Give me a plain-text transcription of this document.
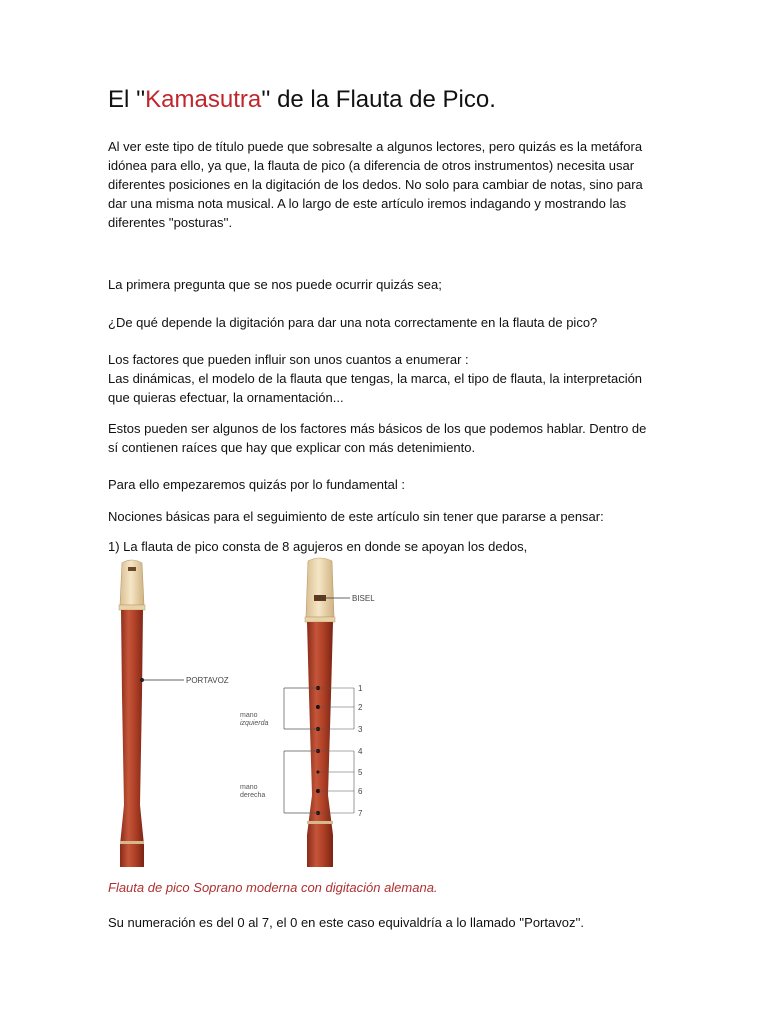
El ''Kamasutra'' de la Flauta de Pico.

Al ver este tipo de título puede que sobresalte a algunos lectores, pero quizás es la metáfora idónea para ello, ya que, la flauta de pico (a diferencia de otros instrumentos) necesita usar diferentes posiciones en la digitación de los dedos. No solo para cambiar de notas, sino para dar una misma nota musical. A lo largo de este artículo iremos indagando y mostrando las diferentes ''posturas''.

La primera pregunta que se nos puede ocurrir quizás sea;

¿De qué depende la digitación para dar una nota correctamente en la flauta de pico?

Los factores que pueden influir son unos cuantos a enumerar :

Las dinámicas, el modelo de la flauta que tengas, la marca, el tipo de flauta, la interpretación que quieras efectuar, la ornamentación...

Estos pueden ser algunos de los factores más básicos de los que podemos hablar. Dentro de sí contienen raíces que hay que explicar con más detenimiento.

Para ello empezaremos quizás por lo fundamental :

Nociones básicas para el seguimiento de este artículo sin tener que pararse a pensar:

1) La flauta de pico consta de 8 agujeros en donde se apoyan los dedos,

PORTAVOZ
BISEL
mano
izquierda
mano
derecha
1
2
3
4
5
6
7

Flauta de pico Soprano moderna con digitación alemana.

Su numeración es del 0 al 7, el 0 en este caso equivaldría a lo llamado ''Portavoz''.
